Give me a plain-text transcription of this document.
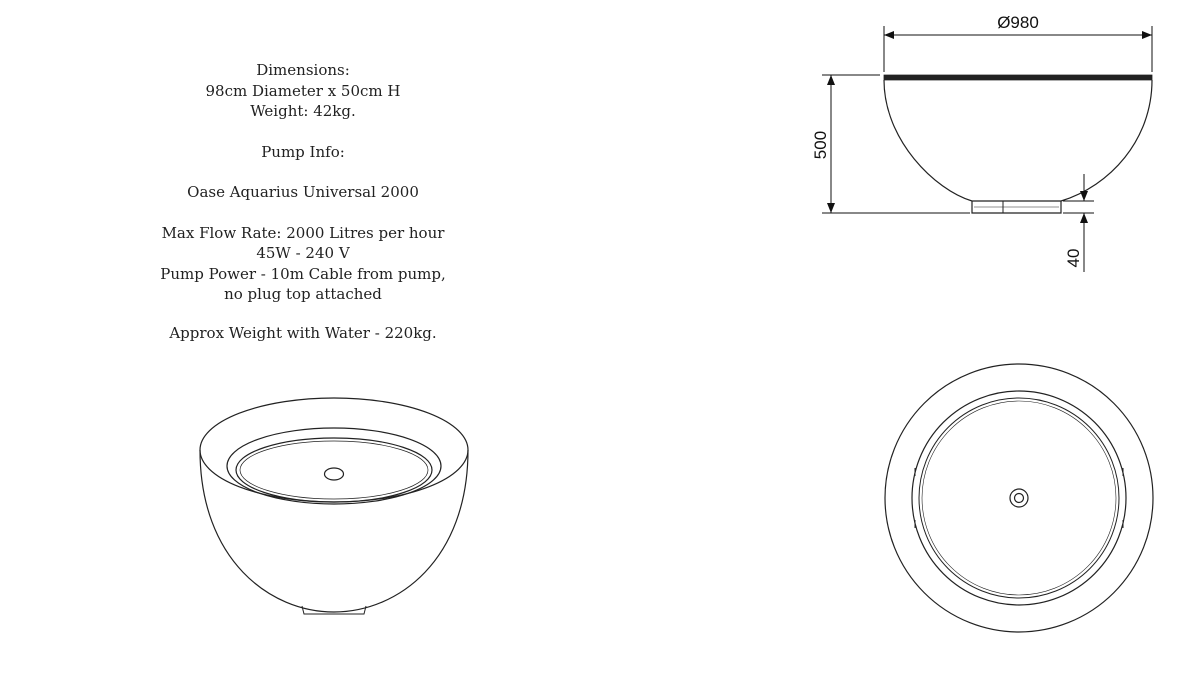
Dimensions:
98cm Diameter x 50cm H
Weight: 42kg.
Pump Info:
Oase Aquarius Universal 2000
Max Flow Rate: 2000 Litres per hour
45W - 240 V
Pump Power - 10m Cable from pump,
no plug top attached
Approx Weight with Water - 220kg.
Ø980
500
40
